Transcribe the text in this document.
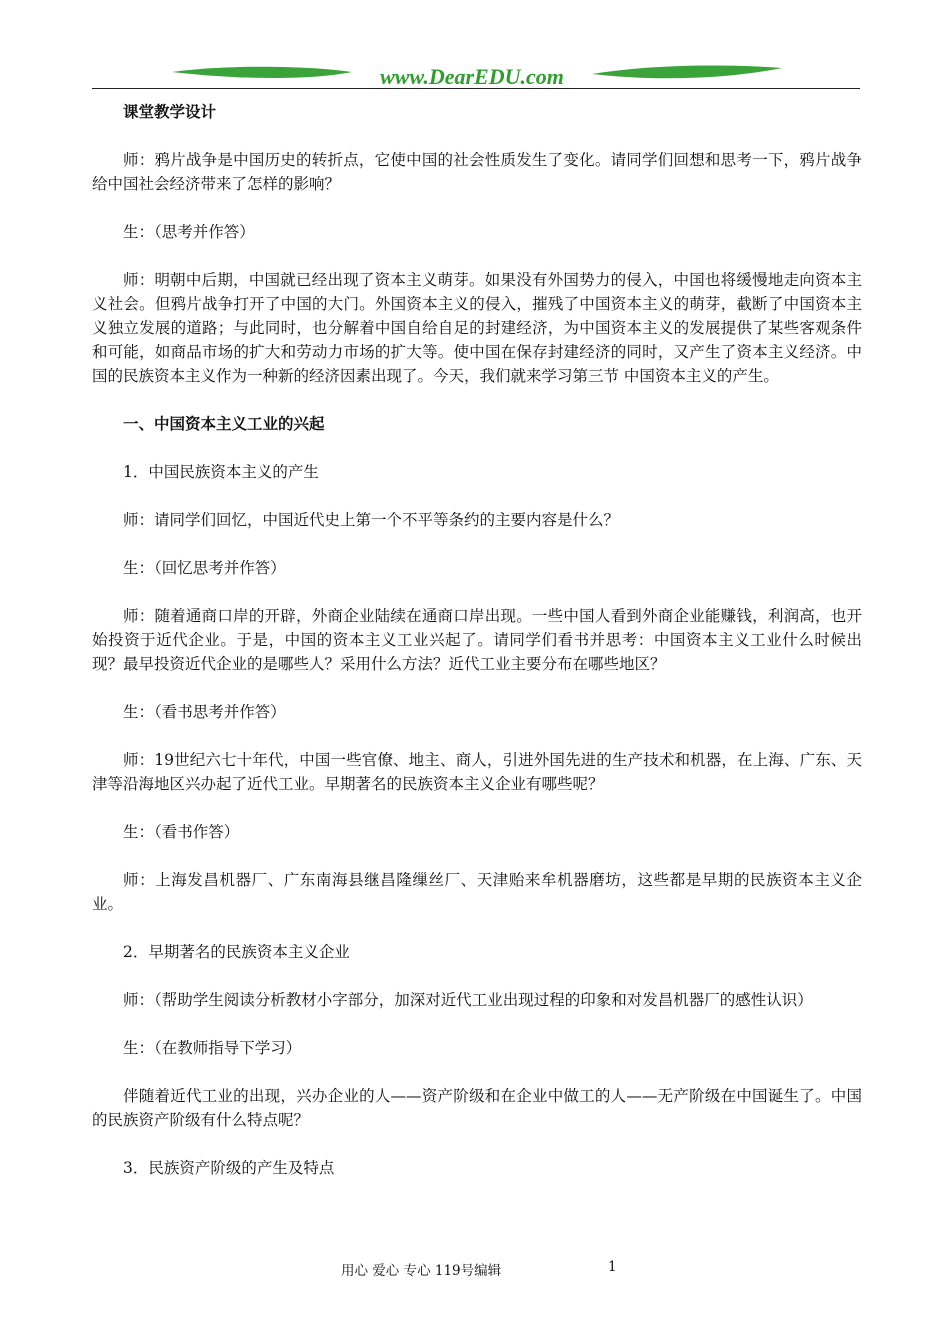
www.DearEDU.com

课堂教学设计

师：鸦片战争是中国历史的转折点，它使中国的社会性质发生了变化。请同学们回想和思考一下，鸦片战争给中国社会经济带来了怎样的影响？

生：（思考并作答）

师：明朝中后期，中国就已经出现了资本主义萌芽。如果没有外国势力的侵入，中国也将缓慢地走向资本主义社会。但鸦片战争打开了中国的大门。外国资本主义的侵入，摧残了中国资本主义的萌芽，截断了中国资本主义独立发展的道路；与此同时，也分解着中国自给自足的封建经济，为中国资本主义的发展提供了某些客观条件和可能，如商品市场的扩大和劳动力市场的扩大等。使中国在保存封建经济的同时，又产生了资本主义经济。中国的民族资本主义作为一种新的经济因素出现了。今天，我们就来学习第三节 中国资本主义的产生。

一、中国资本主义工业的兴起

1．中国民族资本主义的产生

师：请同学们回忆，中国近代史上第一个不平等条约的主要内容是什么？

生：（回忆思考并作答）

师：随着通商口岸的开辟，外商企业陆续在通商口岸出现。一些中国人看到外商企业能赚钱，利润高，也开始投资于近代企业。于是，中国的资本主义工业兴起了。请同学们看书并思考：中国资本主义工业什么时候出现？最早投资近代企业的是哪些人？采用什么方法？近代工业主要分布在哪些地区？

生：（看书思考并作答）

师：19世纪六七十年代，中国一些官僚、地主、商人，引进外国先进的生产技术和机器，在上海、广东、天津等沿海地区兴办起了近代工业。早期著名的民族资本主义企业有哪些呢？

生：（看书作答）

师：上海发昌机器厂、广东南海县继昌隆缫丝厂、天津贻来牟机器磨坊，这些都是早期的民族资本主义企业。

2．早期著名的民族资本主义企业

师：（帮助学生阅读分析教材小字部分，加深对近代工业出现过程的印象和对发昌机器厂的感性认识）

生：（在教师指导下学习）

伴随着近代工业的出现，兴办企业的人——资产阶级和在企业中做工的人——无产阶级在中国诞生了。中国的民族资产阶级有什么特点呢？

3．民族资产阶级的产生及特点

用心 爱心 专心 119号编辑	1
